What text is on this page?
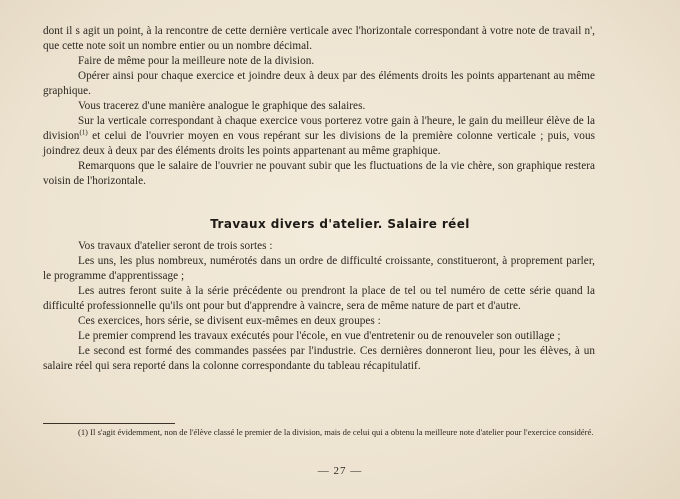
dont il s agit un point, à la rencontre de cette dernière verticale avec l'horizontale correspondant à votre note de travail n', que cette note soit un nombre entier ou un nombre décimal.

Faire de même pour la meilleure note de la division.

Opérer ainsi pour chaque exercice et joindre deux à deux par des éléments droits les points appartenant au même graphique.

Vous tracerez d'une manière analogue le graphique des salaires.

Sur la verticale correspondant à chaque exercice vous porterez votre gain à l'heure, le gain du meilleur élève de la division$^{(1)}$ et celui de l'ouvrier moyen en vous repérant sur les divisions de la première colonne verticale ; puis, vous joindrez deux à deux par des éléments droits les points appartenant au même graphique.

Remarquons que le salaire de l'ouvrier ne pouvant subir que les fluctuations de la vie chère, son graphique restera voisin de l'horizontale.

Travaux divers d'atelier. Salaire réel

Vos travaux d'atelier seront de trois sortes :

Les uns, les plus nombreux, numérotés dans un ordre de difficulté croissante, constitueront, à proprement parler, le programme d'apprentissage ;

Les autres feront suite à la série précédente ou prendront la place de tel ou tel numéro de cette série quand la difficulté professionnelle qu'ils ont pour but d'apprendre à vaincre, sera de même nature de part et d'autre.

Ces exercices, hors série, se divisent eux-mêmes en deux groupes :

Le premier comprend les travaux exécutés pour l'école, en vue d'entretenir ou de renouveler son outillage ;

Le second est formé des commandes passées par l'industrie. Ces dernières donneront lieu, pour les élèves, à un salaire réel qui sera reporté dans la colonne correspondante du tableau récapitulatif.

(1) Il s'agit évidemment, non de l'élève classé le premier de la division, mais de celui qui a obtenu la meilleure note d'atelier pour l'exercice considéré.
— 27 —
